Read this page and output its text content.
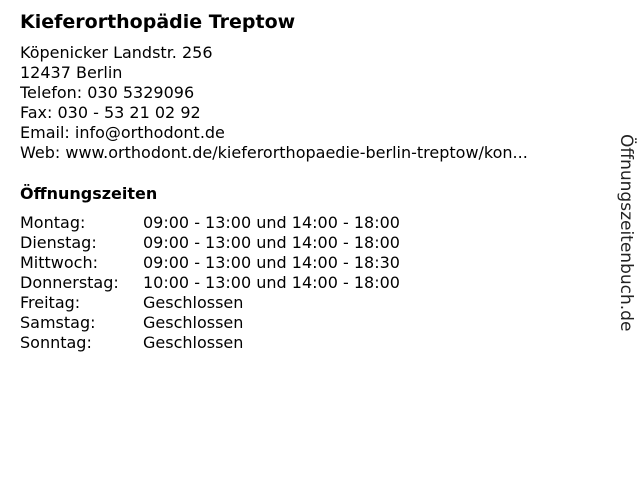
Kieferorthopädie Treptow
Köpenicker Landstr. 256
12437 Berlin
Telefon: 030 5329096
Fax: 030 - 53 21 02 92
Email: info@orthodont.de
Web: www.orthodont.de/kieferorthopaedie-berlin-treptow/kon...
Öffnungszeiten
Montag:	09:00 - 13:00 und 14:00 - 18:00
Dienstag:	09:00 - 13:00 und 14:00 - 18:00
Mittwoch:	09:00 - 13:00 und 14:00 - 18:30
Donnerstag:	10:00 - 13:00 und 14:00 - 18:00
Freitag:	Geschlossen
Samstag:	Geschlossen
Sonntag:	Geschlossen
Öffnungszeitenbuch.de
